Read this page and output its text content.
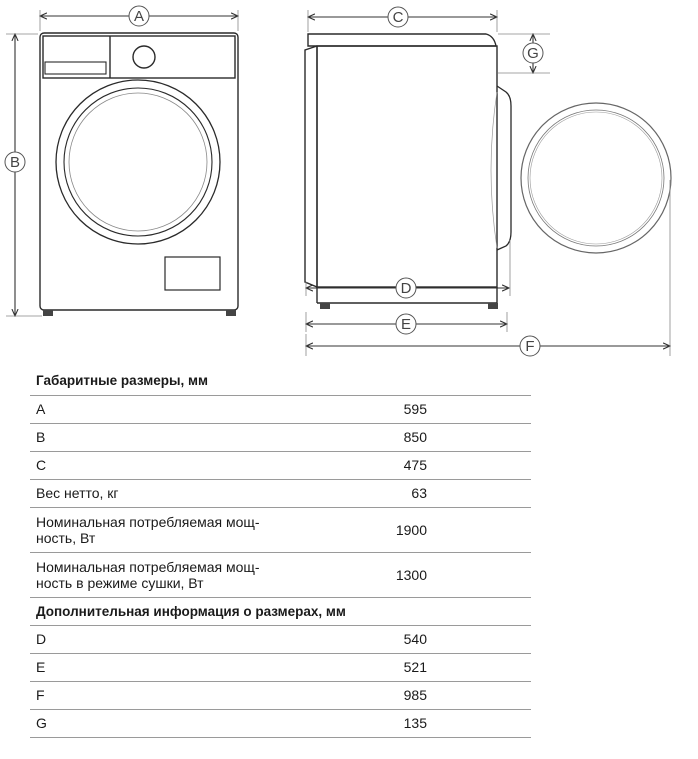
A
B
C
G
D
E
F
Габаритные размеры, мм	
A	595
B	850
C	475
Вес нетто, кг	63
Номинальная потребляемая мощ-
ность, Вт	1900
Номинальная потребляемая мощ-
ность в режиме сушки, Вт	1300
Дополнительная информация о размерах, мм	
D	540
E	521
F	985
G	135
